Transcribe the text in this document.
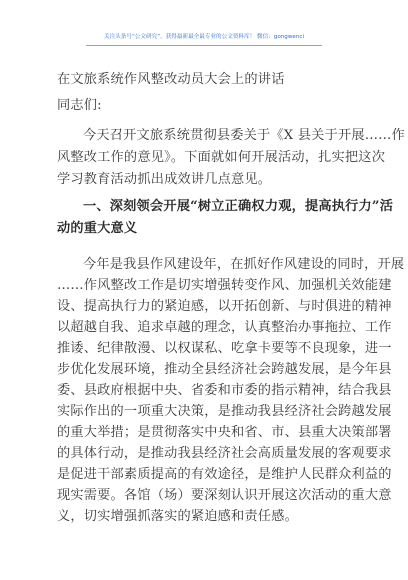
关注头条号“公文研究”，获得最新最全最专业的公文资料库！ 微信：gongwenci
在文旅系统作风整改动员大会上的讲话
同志们:
今天召开文旅系统贯彻县委关于《X 县关于开展……作
风整改工作的意见》。下面就如何开展活动，扎实把这次
学习教育活动抓出成效讲几点意见。
一、深刻领会开展“树立正确权力观，提高执行力”活
动的重大意义
今年是我县作风建设年，在抓好作风建设的同时，开展
……作风整改工作是切实增强转变作风、加强机关效能建
设、提高执行力的紧迫感，以开拓创新、与时俱进的精神
以超越自我、追求卓越的理念，认真整治办事拖拉、工作
推诿、纪律散漫、以权谋私、吃拿卡要等不良现象，进一
步优化发展环境，推动全县经济社会跨越发展，是今年县
委、县政府根据中央、省委和市委的指示精神，结合我县
实际作出的一项重大决策，是推动我县经济社会跨越发展
的重大举措；是贯彻落实中央和省、市、县重大决策部署
的具体行动，是推动我县经济社会高质量发展的客观要求
是促进干部素质提高的有效途径，是维护人民群众利益的
现实需要。各馆（场）要深刻认识开展这次活动的重大意
义，切实增强抓落实的紧迫感和责任感。
